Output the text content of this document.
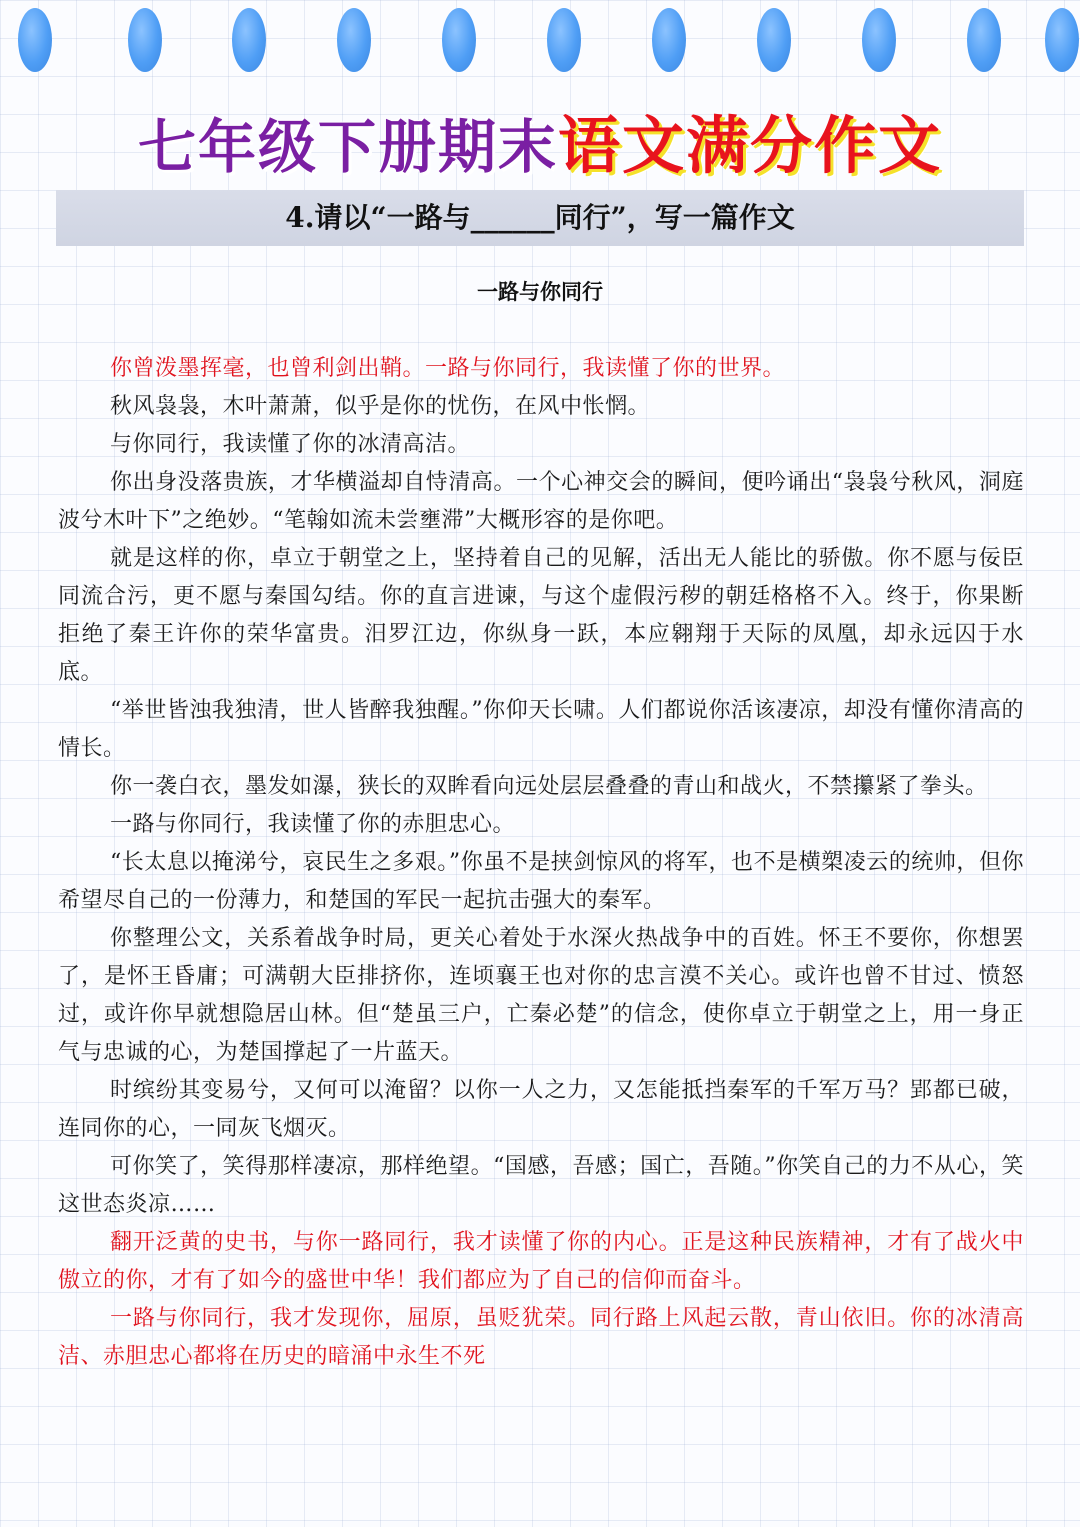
七年级下册期末语文满分作文
4.请以“一路与______同行”，写一篇作文
一路与你同行

你曾泼墨挥毫，也曾利剑出鞘。一路与你同行，我读懂了你的世界。

秋风袅袅，木叶萧萧，似乎是你的忧伤，在风中怅惘。

与你同行，我读懂了你的冰清高洁。

你出身没落贵族，才华横溢却自恃清高。一个心神交会的瞬间，便吟诵出“袅袅兮秋风，洞庭波兮木叶下”之绝妙。“笔翰如流未尝壅滞”大概形容的是你吧。

就是这样的你，卓立于朝堂之上，坚持着自己的见解，活出无人能比的骄傲。你不愿与佞臣同流合污，更不愿与秦国勾结。你的直言进谏，与这个虚假污秽的朝廷格格不入。终于，你果断拒绝了秦王许你的荣华富贵。汨罗江边，你纵身一跃，本应翱翔于天际的凤凰，却永远囚于水底。

“举世皆浊我独清，世人皆醉我独醒。”你仰天长啸。人们都说你活该凄凉，却没有懂你清高的情长。

你一袭白衣，墨发如瀑，狭长的双眸看向远处层层叠叠的青山和战火，不禁攥紧了拳头。

一路与你同行，我读懂了你的赤胆忠心。

“长太息以掩涕兮，哀民生之多艰。”你虽不是挟剑惊风的将军，也不是横槊凌云的统帅，但你希望尽自己的一份薄力，和楚国的军民一起抗击强大的秦军。

你整理公文，关系着战争时局，更关心着处于水深火热战争中的百姓。怀王不要你，你想罢了，是怀王昏庸；可满朝大臣排挤你，连顷襄王也对你的忠言漠不关心。或许也曾不甘过、愤怒过，或许你早就想隐居山林。但“楚虽三户，亡秦必楚”的信念，使你卓立于朝堂之上，用一身正气与忠诚的心，为楚国撑起了一片蓝天。

时缤纷其变易兮，又何可以淹留？以你一人之力，又怎能抵挡秦军的千军万马？郢都已破，连同你的心，一同灰飞烟灭。

可你笑了，笑得那样凄凉，那样绝望。“国感，吾感；国亡，吾随。”你笑自己的力不从心，笑这世态炎凉……

翻开泛黄的史书，与你一路同行，我才读懂了你的内心。正是这种民族精神，才有了战火中傲立的你，才有了如今的盛世中华！我们都应为了自己的信仰而奋斗。

一路与你同行，我才发现你，屈原，虽贬犹荣。同行路上风起云散，青山依旧。你的冰清高洁、赤胆忠心都将在历史的暗涌中永生不死
